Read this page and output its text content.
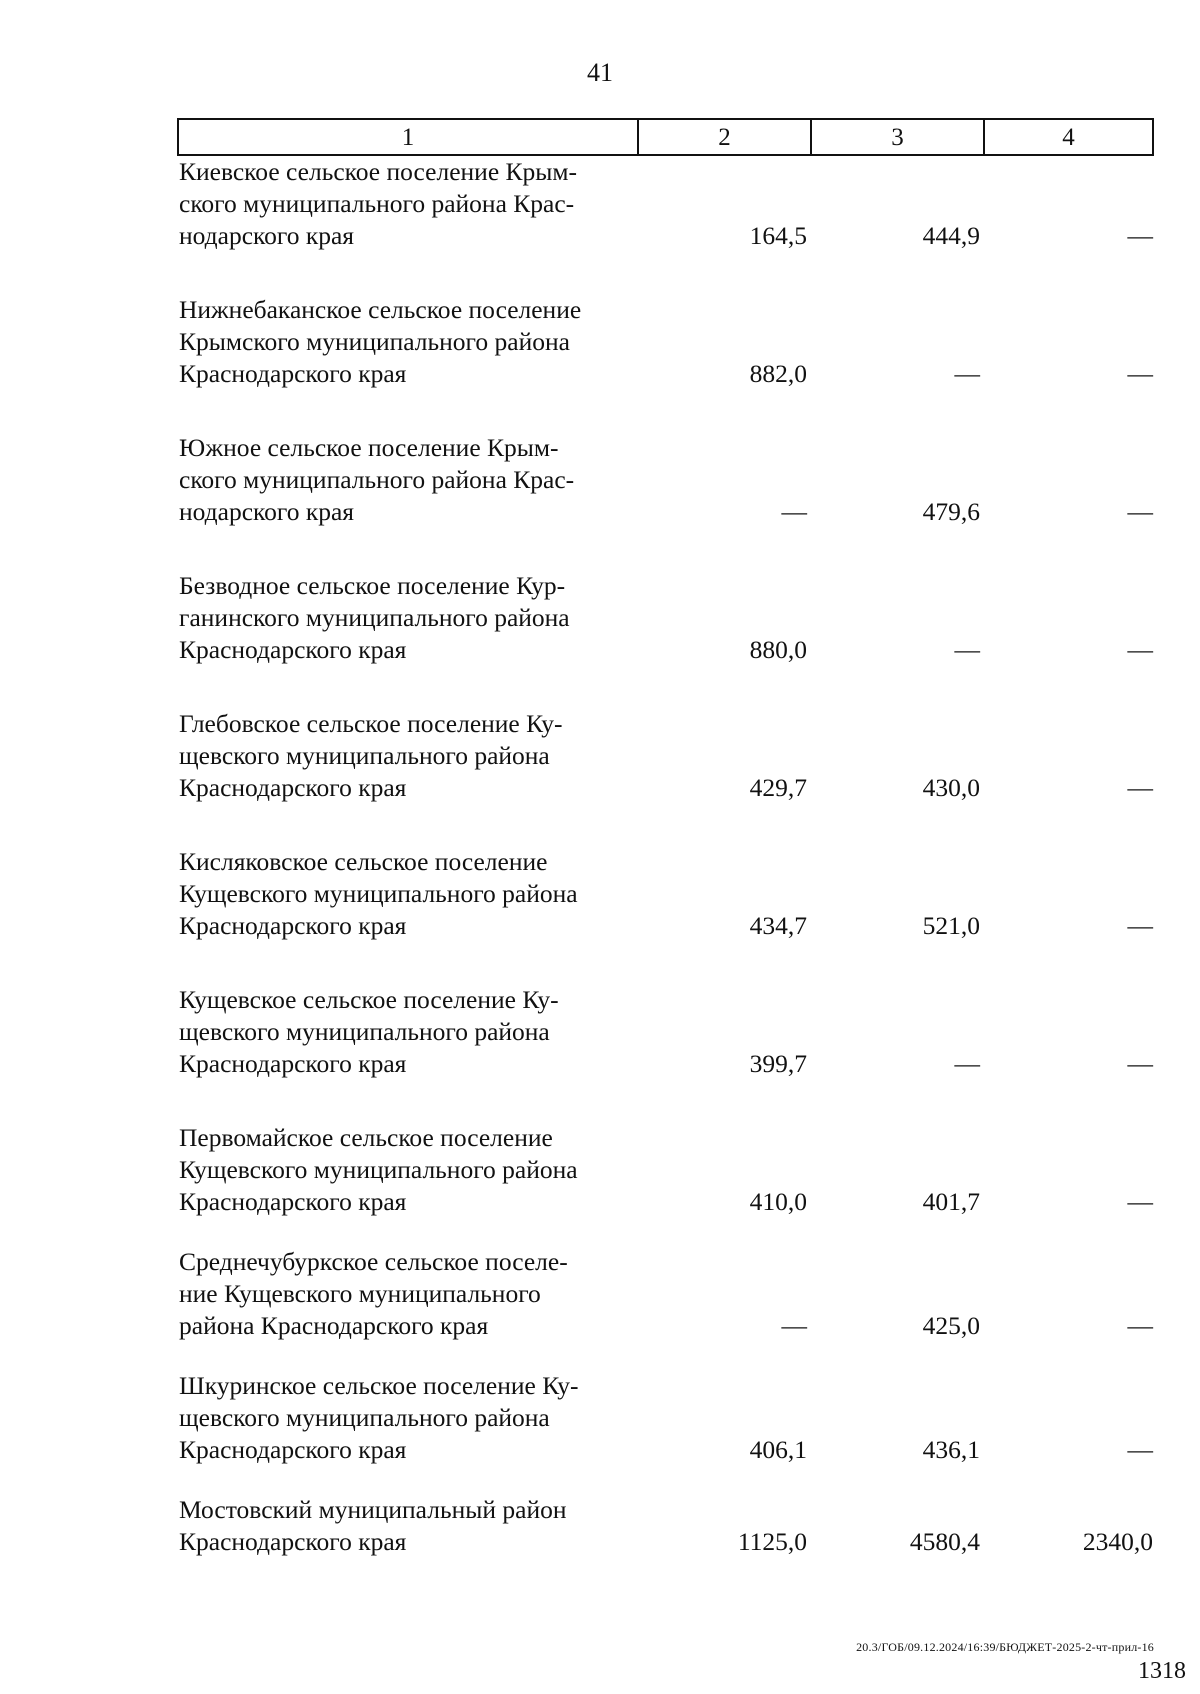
41
1	2	3	4
Киевское сельское поселение Крым-
ского муниципального района Крас-
нодарского края	164,5	444,9	—
Нижнебаканское сельское поселение
Крымского муниципального района
Краснодарского края	882,0	—	—
Южное сельское поселение Крым-
ского муниципального района Крас-
нодарского края	—	479,6	—
Безводное сельское поселение Кур-
ганинского муниципального района
Краснодарского края	880,0	—	—
Глебовское сельское поселение Ку-
щевского муниципального района
Краснодарского края	429,7	430,0	—
Кисляковское сельское поселение
Кущевского муниципального района
Краснодарского края	434,7	521,0	—
Кущевское сельское поселение Ку-
щевского муниципального района
Краснодарского края	399,7	—	—
Первомайское сельское поселение
Кущевского муниципального района
Краснодарского края	410,0	401,7	—
Среднечубуркское сельское поселе-
ние Кущевского муниципального
района Краснодарского края	—	425,0	—
Шкуринское сельское поселение Ку-
щевского муниципального района
Краснодарского края	406,1	436,1	—
Мостовский муниципальный район
Краснодарского края	1125,0	4580,4	2340,0
20.3/ГОБ/09.12.2024/16:39/БЮДЖЕТ-2025-2-чт-прил-16
1318
